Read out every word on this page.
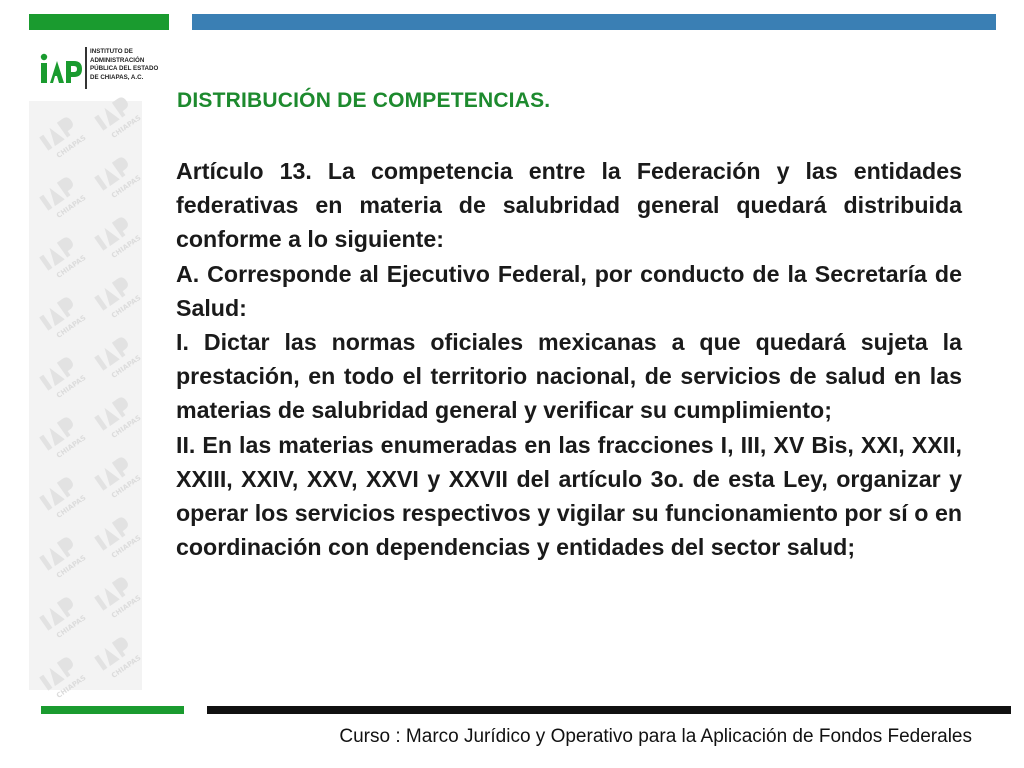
INSTITUTO DE
ADMINISTRACIÓN
PÚBLICA DEL ESTADO
DE CHIAPAS, A.C.
CHIAPAS
DISTRIBUCIÓN DE COMPETENCIAS.

Artículo 13. La competencia entre la Federación y las entidades federativas en materia de salubridad general quedará distribuida conforme a lo siguiente:

A. Corresponde al Ejecutivo Federal, por conducto de la Secretaría de Salud:

I. Dictar las normas oficiales mexicanas a que quedará sujeta la prestación, en todo el territorio nacional, de servicios de salud en las materias de salubridad general y verificar su cumplimiento;

II. En las materias enumeradas en las fracciones I, III, XV Bis, XXI, XXII, XXIII, XXIV, XXV, XXVI y XXVII del artículo 3o. de esta Ley, organizar y operar los servicios respectivos y vigilar su funcionamiento por sí o en coordinación con dependencias y entidades del sector salud;

Curso : Marco Jurídico y Operativo para la Aplicación de Fondos Federales
